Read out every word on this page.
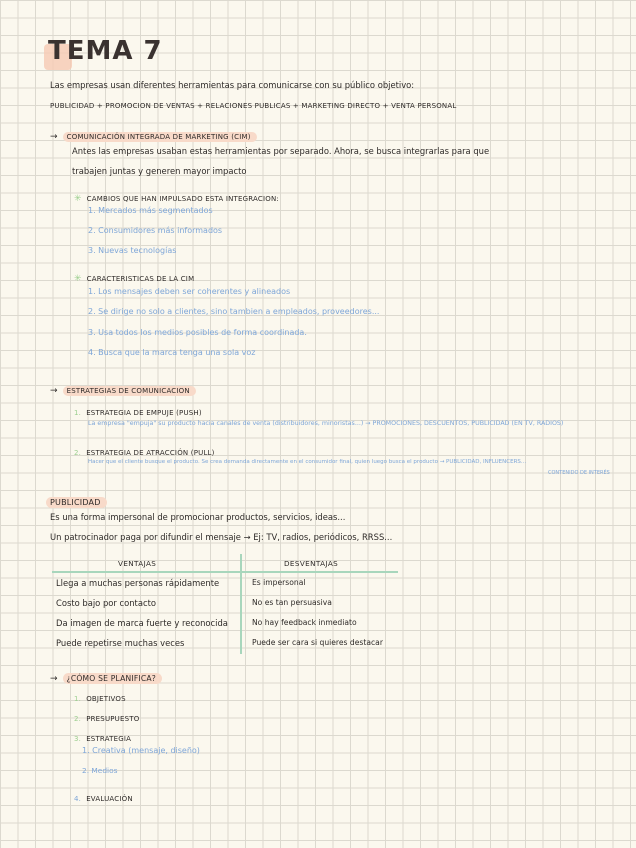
TEMA 7
Las empresas usan diferentes herramientas para comunicarse con su público objetivo:
PUBLICIDAD + PROMOCION DE VENTAS + RELACIONES PUBLICAS + MARKETING DIRECTO + VENTA PERSONAL
→ COMUNICACIÓN INTEGRADA DE MARKETING (CIM)
Antes las empresas usaban estas herramientas por separado. Ahora, se busca integrarlas para que
trabajen juntas y generen mayor impacto
✳ CAMBIOS QUE HAN IMPULSADO ESTA INTEGRACION:
1. Mercados más segmentados
2. Consumidores más informados
3. Nuevas tecnologías
✳ CARACTERISTICAS DE LA CIM
1. Los mensajes deben ser coherentes y alineados
2. Se dirige no solo a clientes, sino tambien a empleados, proveedores...
3. Usa todos los medios posibles de forma coordinada.
4. Busca que la marca tenga una sola voz
→ ESTRATEGIAS DE COMUNICACION
1. ESTRATEGIA DE EMPUJE (PUSH)
La empresa "empuja" su producto hacia canales de venta (distribuidores, minoristas...) → PROMOCIONES, DESCUENTOS, PUBLICIDAD (EN TV, RADIOS)
2. ESTRATEGIA DE ATRACCIÓN (PULL)
Hacer que el cliente busque el producto. Se crea demanda directamente en el consumidor final, quien luego busca el producto → PUBLICIDAD, INFLUENCERS...
CONTENIDO DE INTERÉS
PUBLICIDAD
Es una forma impersonal de promocionar productos, servicios, ideas...
Un patrocinador paga por difundir el mensaje → Ej: TV, radios, periódicos, RRSS...
VENTAJAS	DESVENTAJAS
Llega a muchas personas rápidamente
Costo bajo por contacto
Da imagen de marca fuerte y reconocida
Puede repetirse muchas veces
Es impersonal
No es tan persuasiva
No hay feedback inmediato
Puede ser cara si quieres destacar
→ ¿CÓMO SE PLANIFICA?
1. OBJETIVOS
2. PRESUPUESTO
3. ESTRATEGIA
1. Creativa (mensaje, diseño)
2. Medios
4. EVALUACIÓN
